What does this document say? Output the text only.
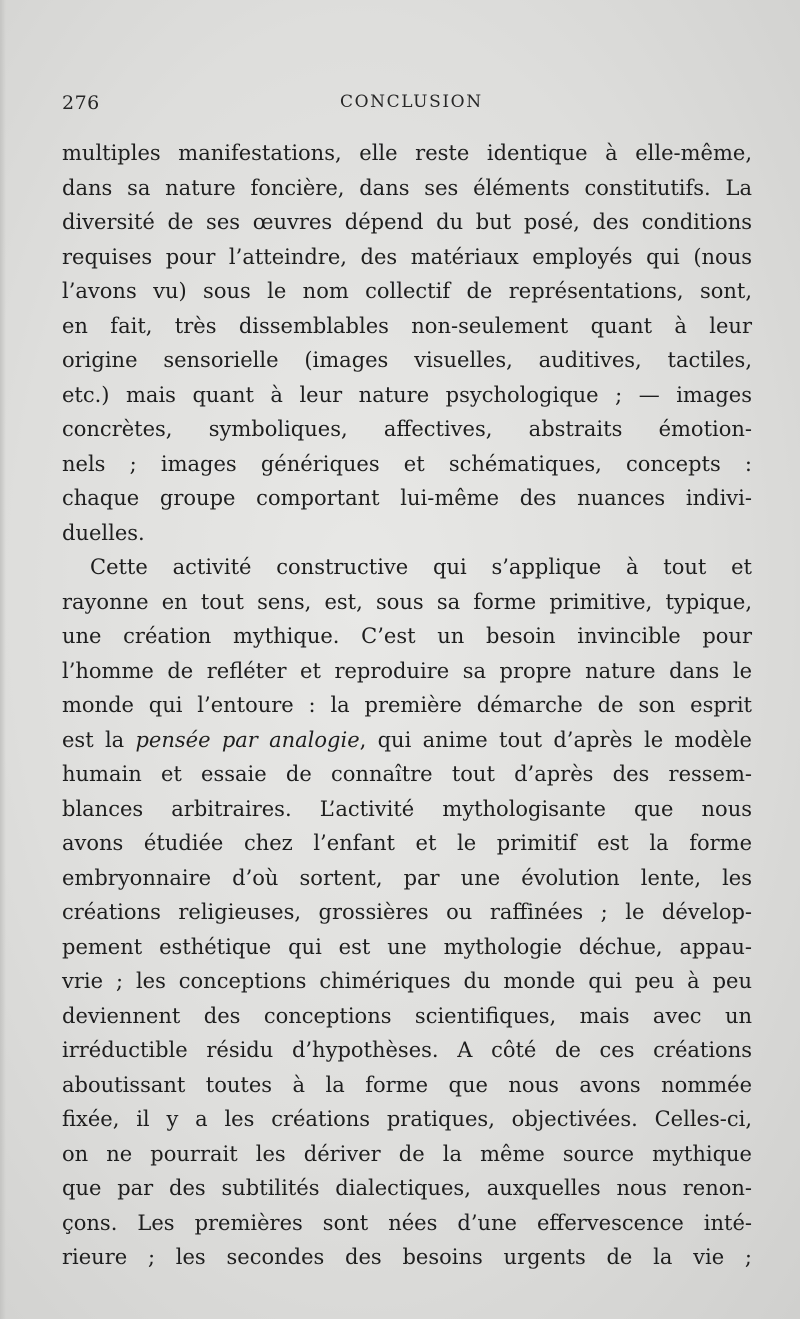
276	CONCLUSION
multiples manifestations, elle reste identique à elle-même,
dans sa nature foncière, dans ses éléments constitutifs. La
diversité de ses œuvres dépend du but posé, des conditions
requises pour l’atteindre, des matériaux employés qui (nous
l’avons vu) sous le nom collectif de représentations, sont,
en fait, très dissemblables non-seulement quant à leur
origine sensorielle (images visuelles, auditives, tactiles,
etc.) mais quant à leur nature psychologique ; — images
concrètes, symboliques, affectives, abstraits émotion-
nels ; images génériques et schématiques, concepts :
chaque groupe comportant lui-même des nuances indivi-
duelles.
Cette activité constructive qui s’applique à tout et
rayonne en tout sens, est, sous sa forme primitive, typique,
une création mythique. C’est un besoin invincible pour
l’homme de refléter et reproduire sa propre nature dans le
monde qui l’entoure : la première démarche de son esprit
est la pensée par analogie, qui anime tout d’après le modèle
humain et essaie de connaître tout d’après des ressem-
blances arbitraires. L’activité mythologisante que nous
avons étudiée chez l’enfant et le primitif est la forme
embryonnaire d’où sortent, par une évolution lente, les
créations religieuses, grossières ou raffinées ; le dévelop-
pement esthétique qui est une mythologie déchue, appau-
vrie ; les conceptions chimériques du monde qui peu à peu
deviennent des conceptions scientifiques, mais avec un
irréductible résidu d’hypothèses. A côté de ces créations
aboutissant toutes à la forme que nous avons nommée
fixée, il y a les créations pratiques, objectivées. Celles-ci,
on ne pourrait les dériver de la même source mythique
que par des subtilités dialectiques, auxquelles nous renon-
çons. Les premières sont nées d’une effervescence inté-
rieure ; les secondes des besoins urgents de la vie ;
